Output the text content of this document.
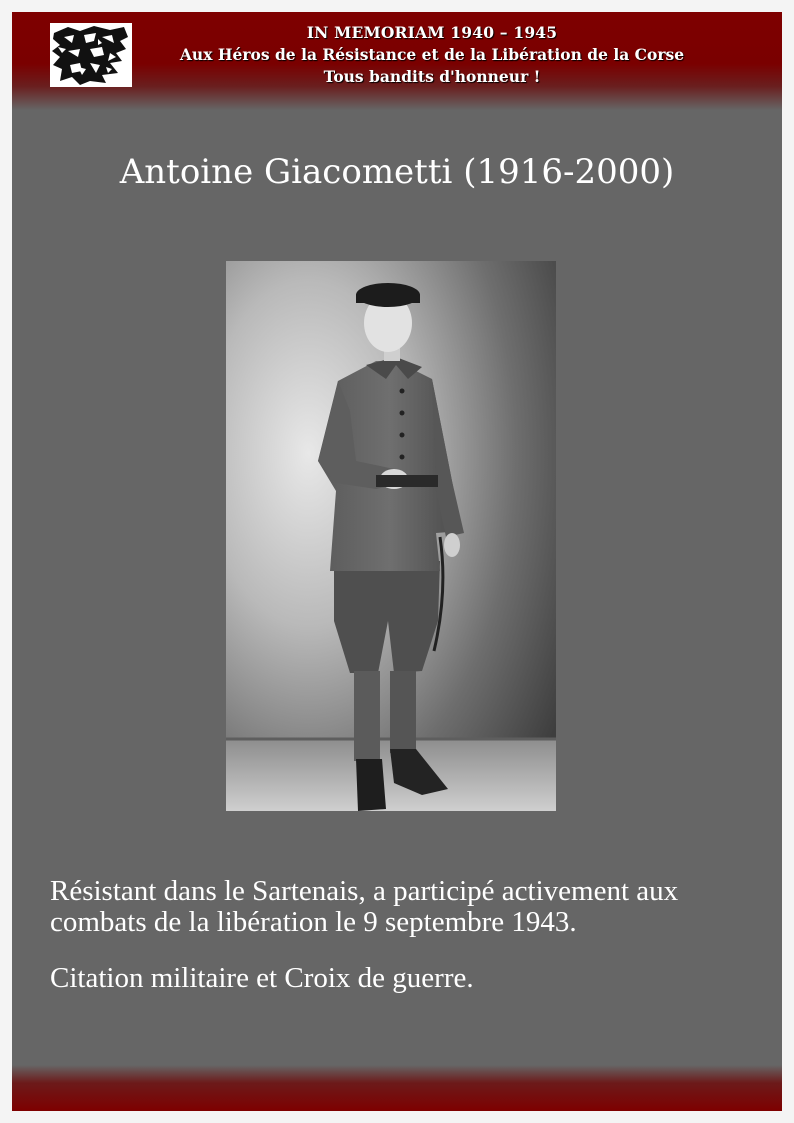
IN MEMORIAM 1940 – 1945
Aux Héros de la Résistance et de la Libération de la Corse
Tous bandits d'honneur !
Antoine Giacometti (1916-2000)

Résistant dans le Sartenais, a participé activement aux combats de la libération le 9 septembre 1943.

Citation militaire et Croix de guerre.
